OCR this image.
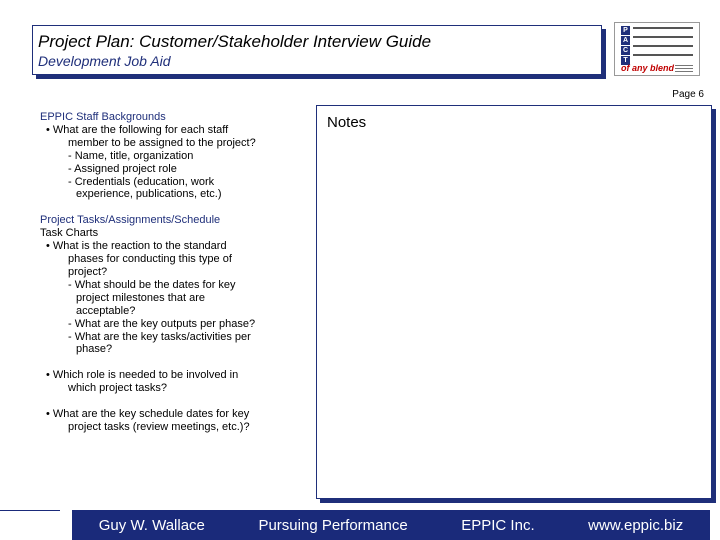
Project Plan: Customer/Stakeholder Interview Guide
Development Job Aid
P
A
C
T
of any blend
Page 6

EPPIC Staff Backgrounds

• What are the following for each staff

member to be assigned to the project?

- Name, title, organization

- Assigned project role

- Credentials (education, work

experience, publications, etc.)

Project Tasks/Assignments/Schedule

Task Charts

• What is the reaction to the standard

phases for conducting this type of

project?

- What should be the dates for key

project milestones that are

acceptable?

- What are the key outputs per phase?

- What are the key tasks/activities per

phase?

• Which role is needed to be involved in

which project tasks?

• What are the key schedule dates for key

project tasks (review meetings, etc.)?

Notes
Guy W. Wallace	Pursuing Performance	EPPIC Inc.	www.eppic.biz
